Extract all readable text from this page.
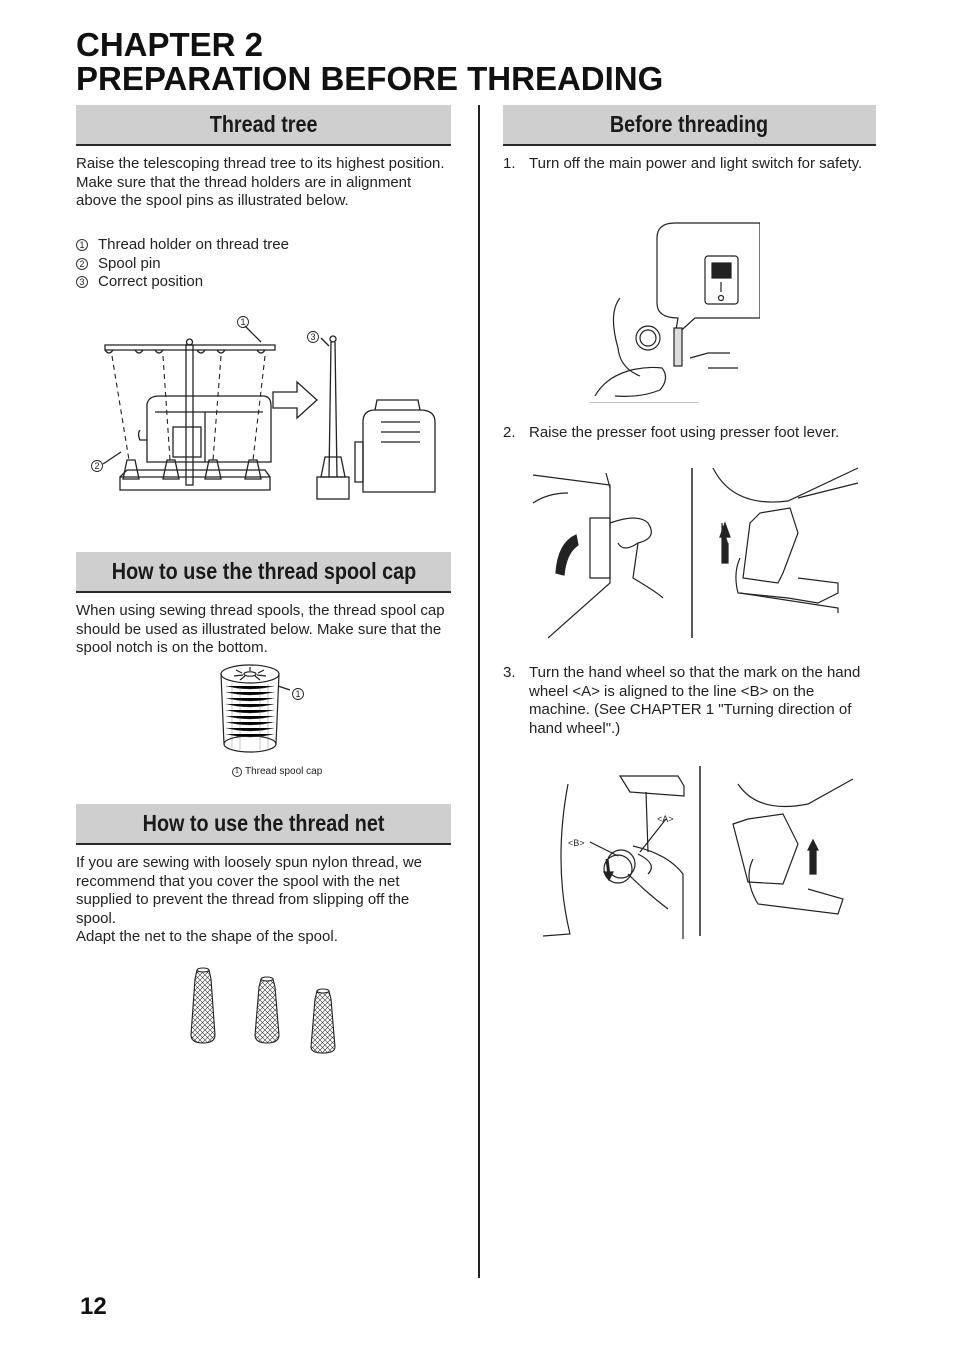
CHAPTER 2
PREPARATION BEFORE THREADING
Thread tree

Raise the telescoping thread tree to its highest position. Make sure that the thread holders are in alignment above the spool pins as illustrated below.

1 Thread holder on thread tree
2 Spool pin
3 Correct position
1
2
3
How to use the thread spool cap

When using sewing thread spools, the thread spool cap should be used as illustrated below. Make sure that the spool notch is on the bottom.

1
1 Thread spool cap
How to use the thread net

If you are sewing with loosely spun nylon thread, we recommend that you cover the spool with the net supplied to prevent the thread from slipping off the spool.

Adapt the net to the shape of the spool.

Before threading
1. Turn off the main power and light switch for safety.
2. Raise the presser foot using presser foot lever.
3. Turn the hand wheel so that the mark on the hand wheel <A> is aligned to the line <B> on the machine. (See CHAPTER 1 "Turning direction of hand wheel".)
<A>
<B>
12
